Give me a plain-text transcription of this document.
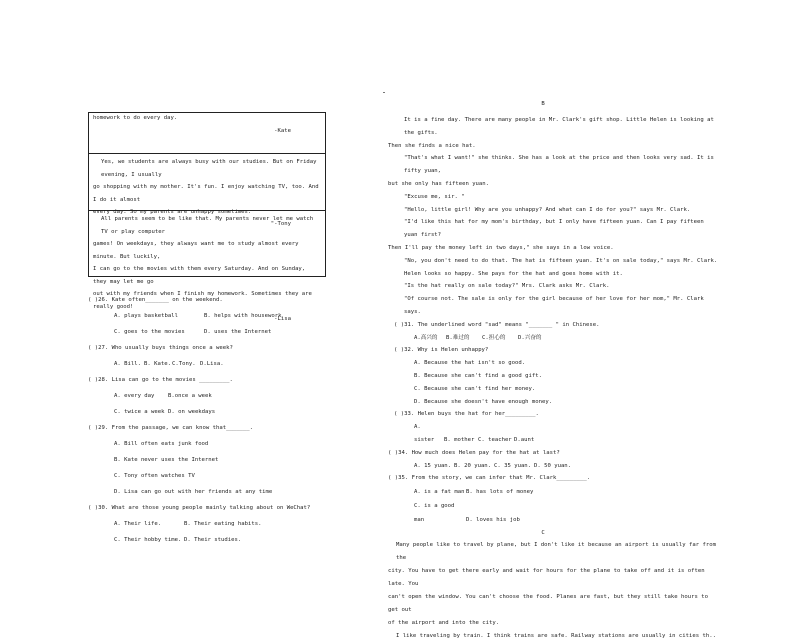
homework to do every day.

-Kate

Yes, we students are always busy with our studies. But on Friday evening, I usually

go shopping with my mother. It's fun. I enjoy watching TV, too. And I do it almost

every day. So my parents are unhappy sometimes.

"-Tony

All parents seem to be like that. My parents never let me watch TV or play computer

games! On weekdays, they always want me to study almost every minute. But luckily,

I can go to the movies with them every Saturday. And on Sunday, they may let me go

out with my friends when I finish my homework. Sometimes they are really good!

-Lisa

( )26. Kate often_______ on the weekend.

A. plays basketball	B. helps with housework

C. goes to the movies	D. uses the Internet

( )27. Who usually buys things once a week?

A. Bill. B. Kate.C.Tony. D.Lisa.

( )28. Lisa can go to the movies _________.

A. every day B.once a week

C. twice a week D. on weekdays

( )29. From the passage, we can know that_______.

A. Bill often eats junk food

B. Kate never uses the Internet

C. Tony often watches TV

D. Lisa can go out with her friends at any time

( )30. What are those young people mainly talking about on WeChat?

A. Their life.	B. Their eating habits.

C. Their hobby time. D. Their studies.

B

It is a fine day. There are many people in Mr. Clark's gift shop. Little Helen is looking at the gifts.

Then she finds a nice hat.

"That's what I want!" she thinks. She has a look at the price and then looks very sad. It is fifty yuan,

but she only has fifteen yuan.

"Excuse me, sir. "

"Hello, little girl! Why are you unhappy? And what can I do for you?" says Mr. Clark.

"I'd like this hat for my mom's birthday, but I only have fifteen yuan. Can I pay fifteen yuan first?

Then I'll pay the money left in two days," she says in a low voice.

"No, you don't need to do that. The hat is fifteen yuan. It's on sale today," says Mr. Clark.

Helen looks so happy. She pays for the hat and goes home with it.

"Is the hat really on sale today?" Mrs. Clark asks Mr. Clark.

"Of course not. The sale is only for the girl because of her love for her mom," Mr. Clark says.

( )31. The underlined word "sad" means "_______ " in Chinese.

A.高兴的 B.难过的 C.担心的 D.兴奋的

( )32. Why is Helen unhappy?

A. Because the hat isn't so good.

B. Because she can't find a good gift.

C. Because she can't find her money.

D. Because she doesn't have enough money.

( )33. Helen buys the hat for her_________.

A. sister B. mother C. teacher D.aunt

( )34. How much does Helen pay for the hat at last?

A. 15 yuan. B. 20 yuan. C. 35 yuan. D. 50 yuan.

( )35. From the story, we can infer that Mr. Clark_________.

A. is a fat manB. has lots of money

C. is a good man	D. loves his job

C

Many people like to travel by plane, but I don't like it because an airport is usually far from the

city. You have to get there early and wait for hours for the plane to take off and it is often late. You

can't open the window. You can't choose the food. Planes are fast, but they still take hours to get out

of the airport and into the city.

I like traveling by train. I think trains are safe. Railway stations are usually in cities th..
